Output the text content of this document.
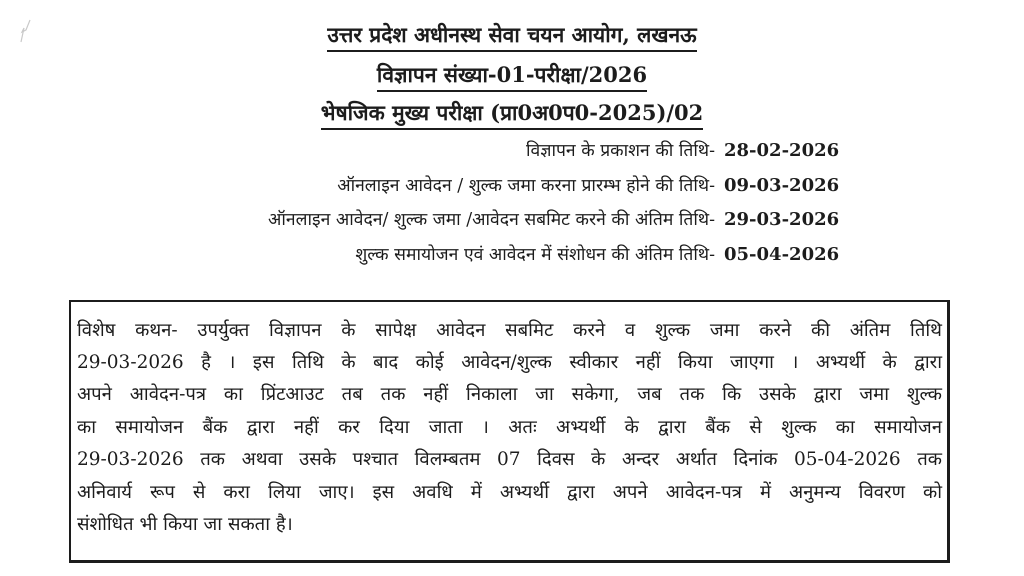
उत्तर प्रदेश अधीनस्थ सेवा चयन आयोग, लखनऊ
विज्ञापन संख्या-01-परीक्षा/2026
भेषजिक मुख्य परीक्षा (प्रा0अ0प0-2025)/02
विज्ञापन के प्रकाशन की तिथि- 28-02-2026
ऑनलाइन आवेदन / शुल्क जमा करना प्रारम्भ होने की तिथि- 09-03-2026
ऑनलाइन आवेदन/ शुल्क जमा /आवेदन सबमिट करने की अंतिम तिथि- 29-03-2026
शुल्क समायोजन एवं आवेदन में संशोधन की अंतिम तिथि- 05-04-2026
विशेष कथन- उपर्युक्त विज्ञापन के सापेक्ष आवेदन सबमिट करने व शुल्क जमा करने की अंतिम तिथि
29-03-2026 है । इस तिथि के बाद कोई आवेदन/शुल्क स्वीकार नहीं किया जाएगा । अभ्यर्थी के द्वारा
अपने आवेदन-पत्र का प्रिंटआउट तब तक नहीं निकाला जा सकेगा, जब तक कि उसके द्वारा जमा शुल्क
का समायोजन बैंक द्वारा नहीं कर दिया जाता । अतः अभ्यर्थी के द्वारा बैंक से शुल्क का समायोजन
29-03-2026 तक अथवा उसके पश्चात विलम्बतम 07 दिवस के अन्दर अर्थात दिनांक 05-04-2026 तक
अनिवार्य रूप से करा लिया जाए। इस अवधि में अभ्यर्थी द्वारा अपने आवेदन-पत्र में अनुमन्य विवरण को
संशोधित भी किया जा सकता है।
